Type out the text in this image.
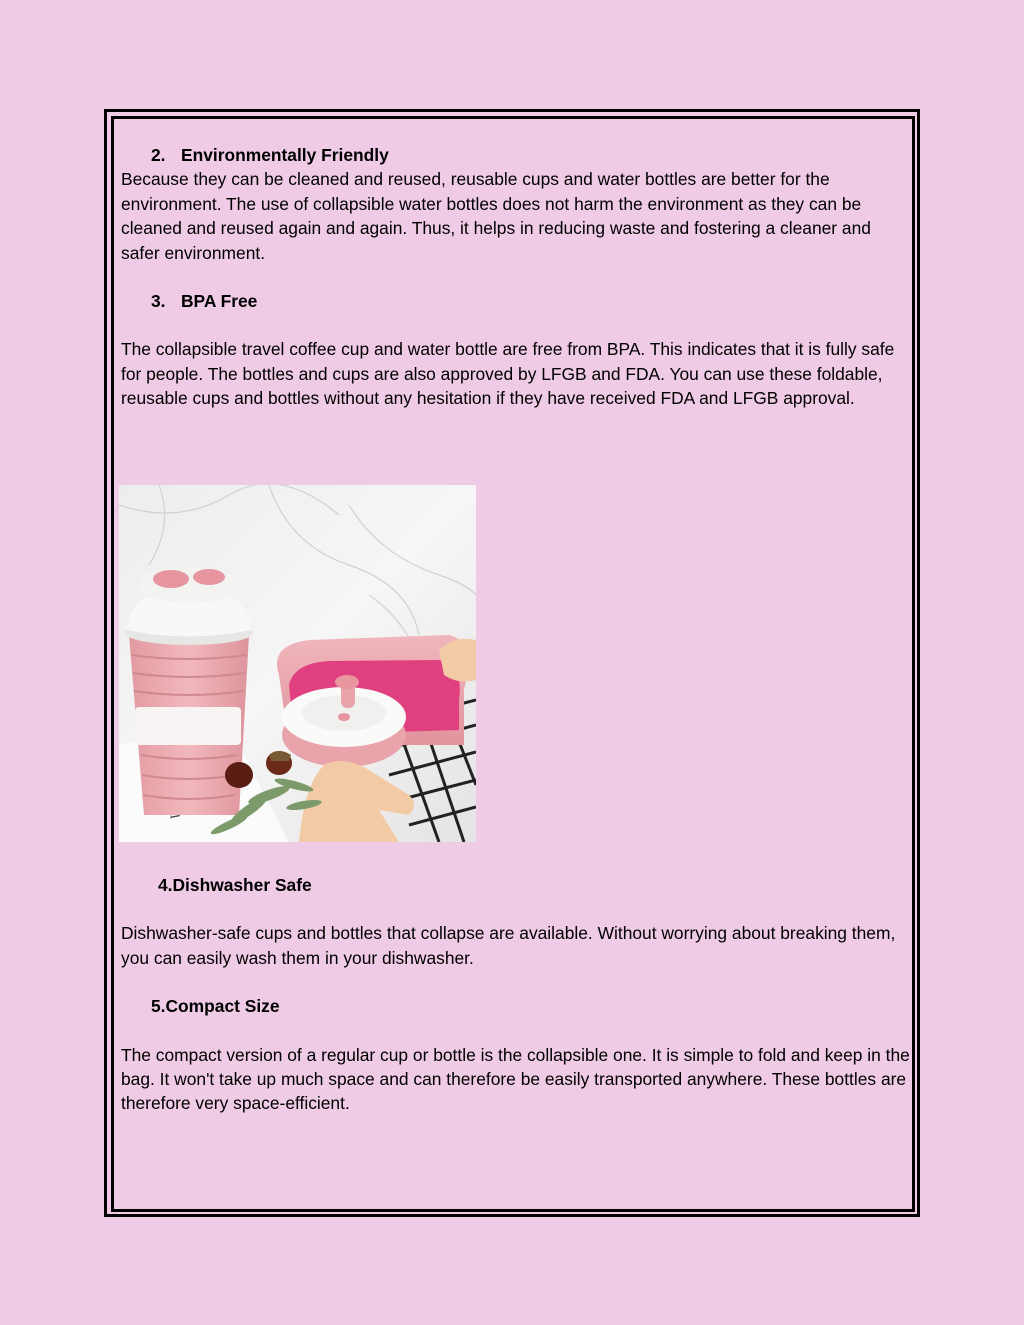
2. Environmentally Friendly

Because they can be cleaned and reused, reusable cups and water bottles are better for the environment. The use of collapsible water bottles does not harm the environment as they can be cleaned and reused again and again. Thus, it helps in reducing waste and fostering a cleaner and safer environment.

3. BPA Free

The collapsible travel coffee cup and water bottle are free from BPA. This indicates that it is fully safe for people. The bottles and cups are also approved by LFGB and FDA. You can use these foldable, reusable cups and bottles without any hesitation if they have received FDA and LFGB approval.

4.Dishwasher Safe

Dishwasher-safe cups and bottles that collapse are available. Without worrying about breaking them, you can easily wash them in your dishwasher.

5.Compact Size

The compact version of a regular cup or bottle is the collapsible one. It is simple to fold and keep in the bag. It won't take up much space and can therefore be easily transported anywhere. These bottles are therefore very space-efficient.
